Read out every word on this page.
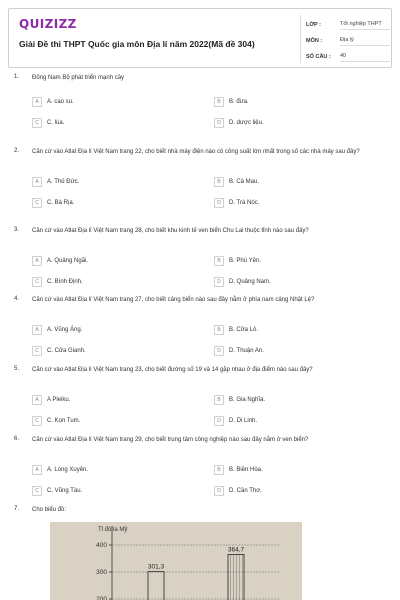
QUIZIZZ
Giải Đề thi THPT Quốc gia môn Địa lí năm 2022(Mã đề 304)
LỚP :	Tốt nghiệp THPT
MÔN :	Địa lý
SỐ CÂU :	40
1. Đông Nam Bộ phát triển mạnh cây
A	A. cao su.	B	B. đưa.
C	C. lúa.	D	D. dược liệu.
2. Căn cứ vào Atlat Địa lí Việt Nam trang 22, cho biết nhà máy điện nào có công suất lớn nhất trong số các nhà máy sau đây?
A	A. Thủ Đức.	B	B. Cà Mau.
C	C. Bà Rịa.	D	D. Trà Nóc.
3. Căn cứ vào Atlat Địa lí Việt Nam trang 28, cho biết khu kinh tế ven biển Chu Lai thuộc tỉnh nào sau đây?
A	A. Quảng Ngãi.	B	B. Phú Yên.
C	C. Bình Định.	D	D. Quảng Nam.
4. Căn cứ vào Atlat Địa lí Việt Nam trang 27, cho biết cảng biển nào sau đây nằm ở phía nam cảng Nhật Lệ?
A	A. Vũng Áng.	B	B. Cửa Lò.
C	C. Cửa Gianh.	D	D. Thuận An.
5. Căn cứ vào Atlat Địa lí Việt Nam trang 23, cho biết đường số 19 và 14 gặp nhau ở địa điểm nào sau đây?
A	A Pleiku.	B	B. Gia Nghĩa.
C	C. Kon Tum.	D	D. Di Linh.
6. Căn cứ vào Atlat Địa lí Việt Nam trang 29, cho biết trung tâm công nghiệp nào sau đây nằm ở ven biển?
A	A. Long Xuyên.	B	B. Biên Hòa.
C	C. Vũng Tàu.	D	D. Cần Thơ.
7. Cho biểu đồ:
Tỉ đô la Mỹ
200
300
400
301,3
364,7
